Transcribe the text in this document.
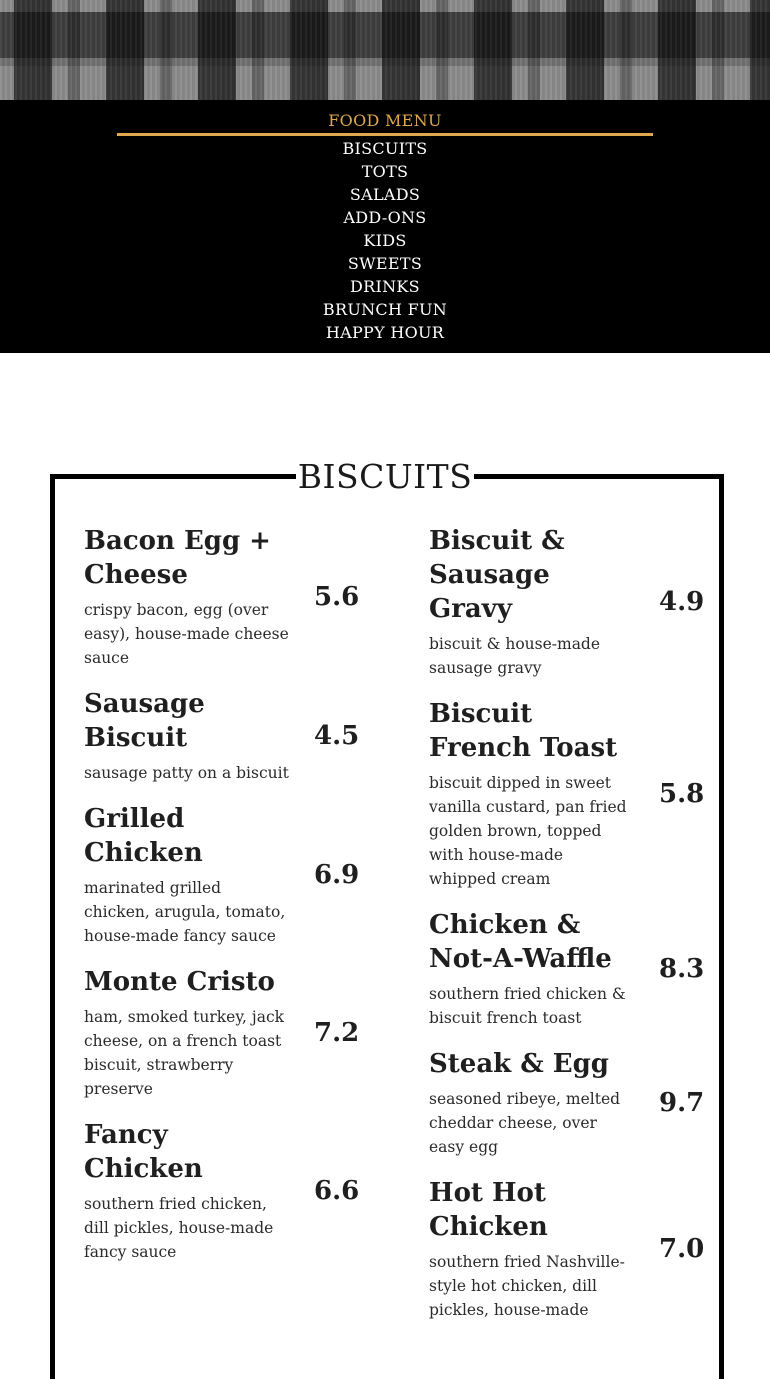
FOOD MENU
BISCUITS
TOTS
SALADS
ADD-ONS
KIDS
SWEETS
DRINKS
BRUNCH FUN
HAPPY HOUR
BISCUITS
Bacon Egg + Cheese

crispy bacon, egg (over easy), house-made cheese sauce

5.6
Sausage Biscuit

sausage patty on a biscuit

4.5
Grilled Chicken

marinated grilled chicken, arugula, tomato, house-made fancy sauce

6.9
Monte Cristo

ham, smoked turkey, jack cheese, on a french toast biscuit, strawberry preserve

7.2
Fancy Chicken

southern fried chicken, dill pickles, house-made fancy sauce

6.6
Biscuit & Sausage Gravy

biscuit & house-made sausage gravy

4.9
Biscuit French Toast

biscuit dipped in sweet vanilla custard, pan fried golden brown, topped with house-made whipped cream

5.8
Chicken & Not-A-Waffle

southern fried chicken & biscuit french toast

8.3
Steak & Egg

seasoned ribeye, melted cheddar cheese, over easy egg

9.7
Hot Hot Chicken

southern fried Nashville-style hot chicken, dill pickles, house-made

7.0
